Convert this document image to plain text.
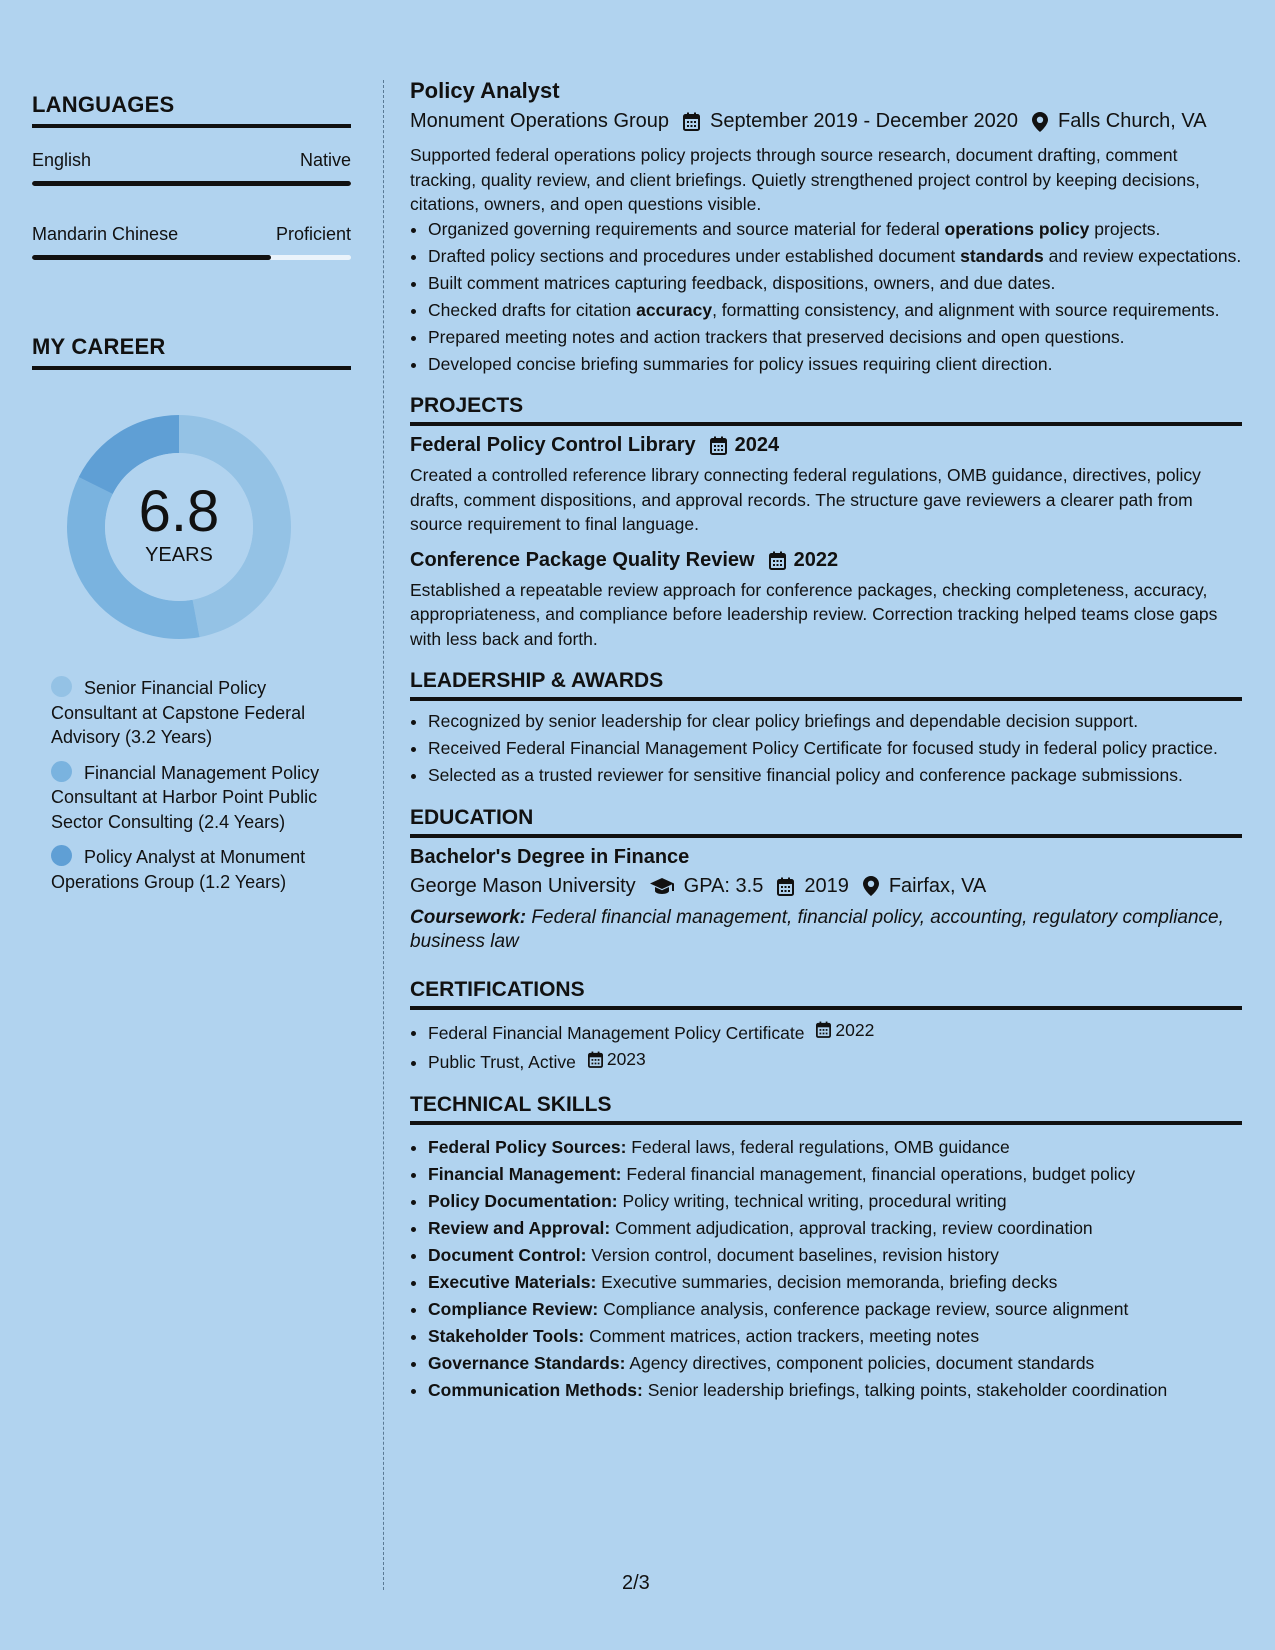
LANGUAGES
English	Native
Mandarin Chinese	Proficient
MY CAREER
6.8
YEARS
Senior Financial Policy Consultant at Capstone Federal Advisory (3.2 Years)
Financial Management Policy Consultant at Harbor Point Public Sector Consulting (2.4 Years)
Policy Analyst at Monument Operations Group (1.2 Years)
Policy Analyst
Monument Operations Group September 2019 - December 2020 Falls Church, VA

Supported federal operations policy projects through source research, document drafting, comment tracking, quality review, and client briefings. Quietly strengthened project control by keeping decisions, citations, owners, and open questions visible.

• Organized governing requirements and source material for federal operations policy projects.
• Drafted policy sections and procedures under established document standards and review expectations.
• Built comment matrices capturing feedback, dispositions, owners, and due dates.
• Checked drafts for citation accuracy, formatting consistency, and alignment with source requirements.
• Prepared meeting notes and action trackers that preserved decisions and open questions.
• Developed concise briefing summaries for policy issues requiring client direction.
PROJECTS
Federal Policy Control Library 2024

Created a controlled reference library connecting federal regulations, OMB guidance, directives, policy drafts, comment dispositions, and approval records. The structure gave reviewers a clearer path from source requirement to final language.

Conference Package Quality Review 2022

Established a repeatable review approach for conference packages, checking completeness, accuracy, appropriateness, and compliance before leadership review. Correction tracking helped teams close gaps with less back and forth.

LEADERSHIP & AWARDS
• Recognized by senior leadership for clear policy briefings and dependable decision support.
• Received Federal Financial Management Policy Certificate for focused study in federal policy practice.
• Selected as a trusted reviewer for sensitive financial policy and conference package submissions.
EDUCATION
Bachelor's Degree in Finance
George Mason University GPA: 3.5 2019 Fairfax, VA
Coursework: Federal financial management, financial policy, accounting, regulatory compliance, business law
CERTIFICATIONS
• Federal Financial Management Policy Certificate 2022
• Public Trust, Active 2023
TECHNICAL SKILLS
• Federal Policy Sources: Federal laws, federal regulations, OMB guidance
• Financial Management: Federal financial management, financial operations, budget policy
• Policy Documentation: Policy writing, technical writing, procedural writing
• Review and Approval: Comment adjudication, approval tracking, review coordination
• Document Control: Version control, document baselines, revision history
• Executive Materials: Executive summaries, decision memoranda, briefing decks
• Compliance Review: Compliance analysis, conference package review, source alignment
• Stakeholder Tools: Comment matrices, action trackers, meeting notes
• Governance Standards: Agency directives, component policies, document standards
• Communication Methods: Senior leadership briefings, talking points, stakeholder coordination
2/3
